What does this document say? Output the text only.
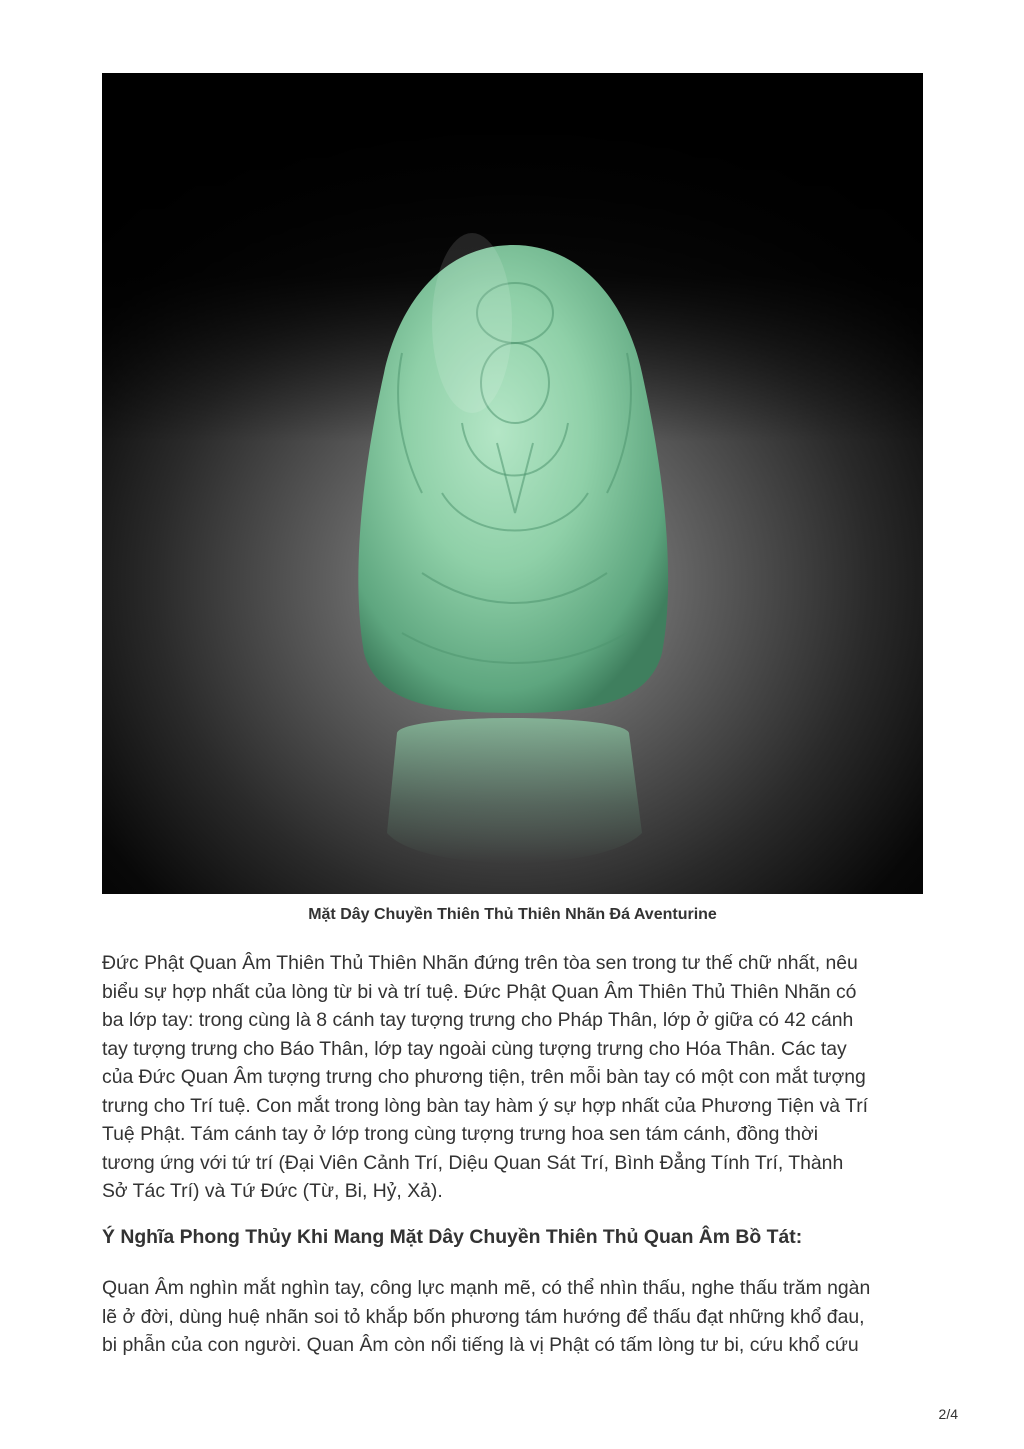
Mặt Dây Chuyền Thiên Thủ Thiên Nhãn Đá Aventurine

Đức Phật Quan Âm Thiên Thủ Thiên Nhãn đứng trên tòa sen trong tư thế chữ nhất, nêu
biểu sự hợp nhất của lòng từ bi và trí tuệ. Đức Phật Quan Âm Thiên Thủ Thiên Nhãn có
ba lớp tay: trong cùng là 8 cánh tay tượng trưng cho Pháp Thân, lớp ở giữa có 42 cánh
tay tượng trưng cho Báo Thân, lớp tay ngoài cùng tượng trưng cho Hóa Thân. Các tay
của Đức Quan Âm tượng trưng cho phương tiện, trên mỗi bàn tay có một con mắt tượng
trưng cho Trí tuệ. Con mắt trong lòng bàn tay hàm ý sự hợp nhất của Phương Tiện và Trí
Tuệ Phật. Tám cánh tay ở lớp trong cùng tượng trưng hoa sen tám cánh, đồng thời
tương ứng với tứ trí (Đại Viên Cảnh Trí, Diệu Quan Sát Trí, Bình Đẳng Tính Trí, Thành
Sở Tác Trí) và Tứ Đức (Từ, Bi, Hỷ, Xả).

Ý Nghĩa Phong Thủy Khi Mang Mặt Dây Chuyền Thiên Thủ Quan Âm Bồ Tát:

Quan Âm nghìn mắt nghìn tay, công lực mạnh mẽ, có thể nhìn thấu, nghe thấu trăm ngàn
lẽ ở đời, dùng huệ nhãn soi tỏ khắp bốn phương tám hướng để thấu đạt những khổ đau,
bi phẫn của con người. Quan Âm còn nổi tiếng là vị Phật có tấm lòng tư bi, cứu khổ cứu

2/4
